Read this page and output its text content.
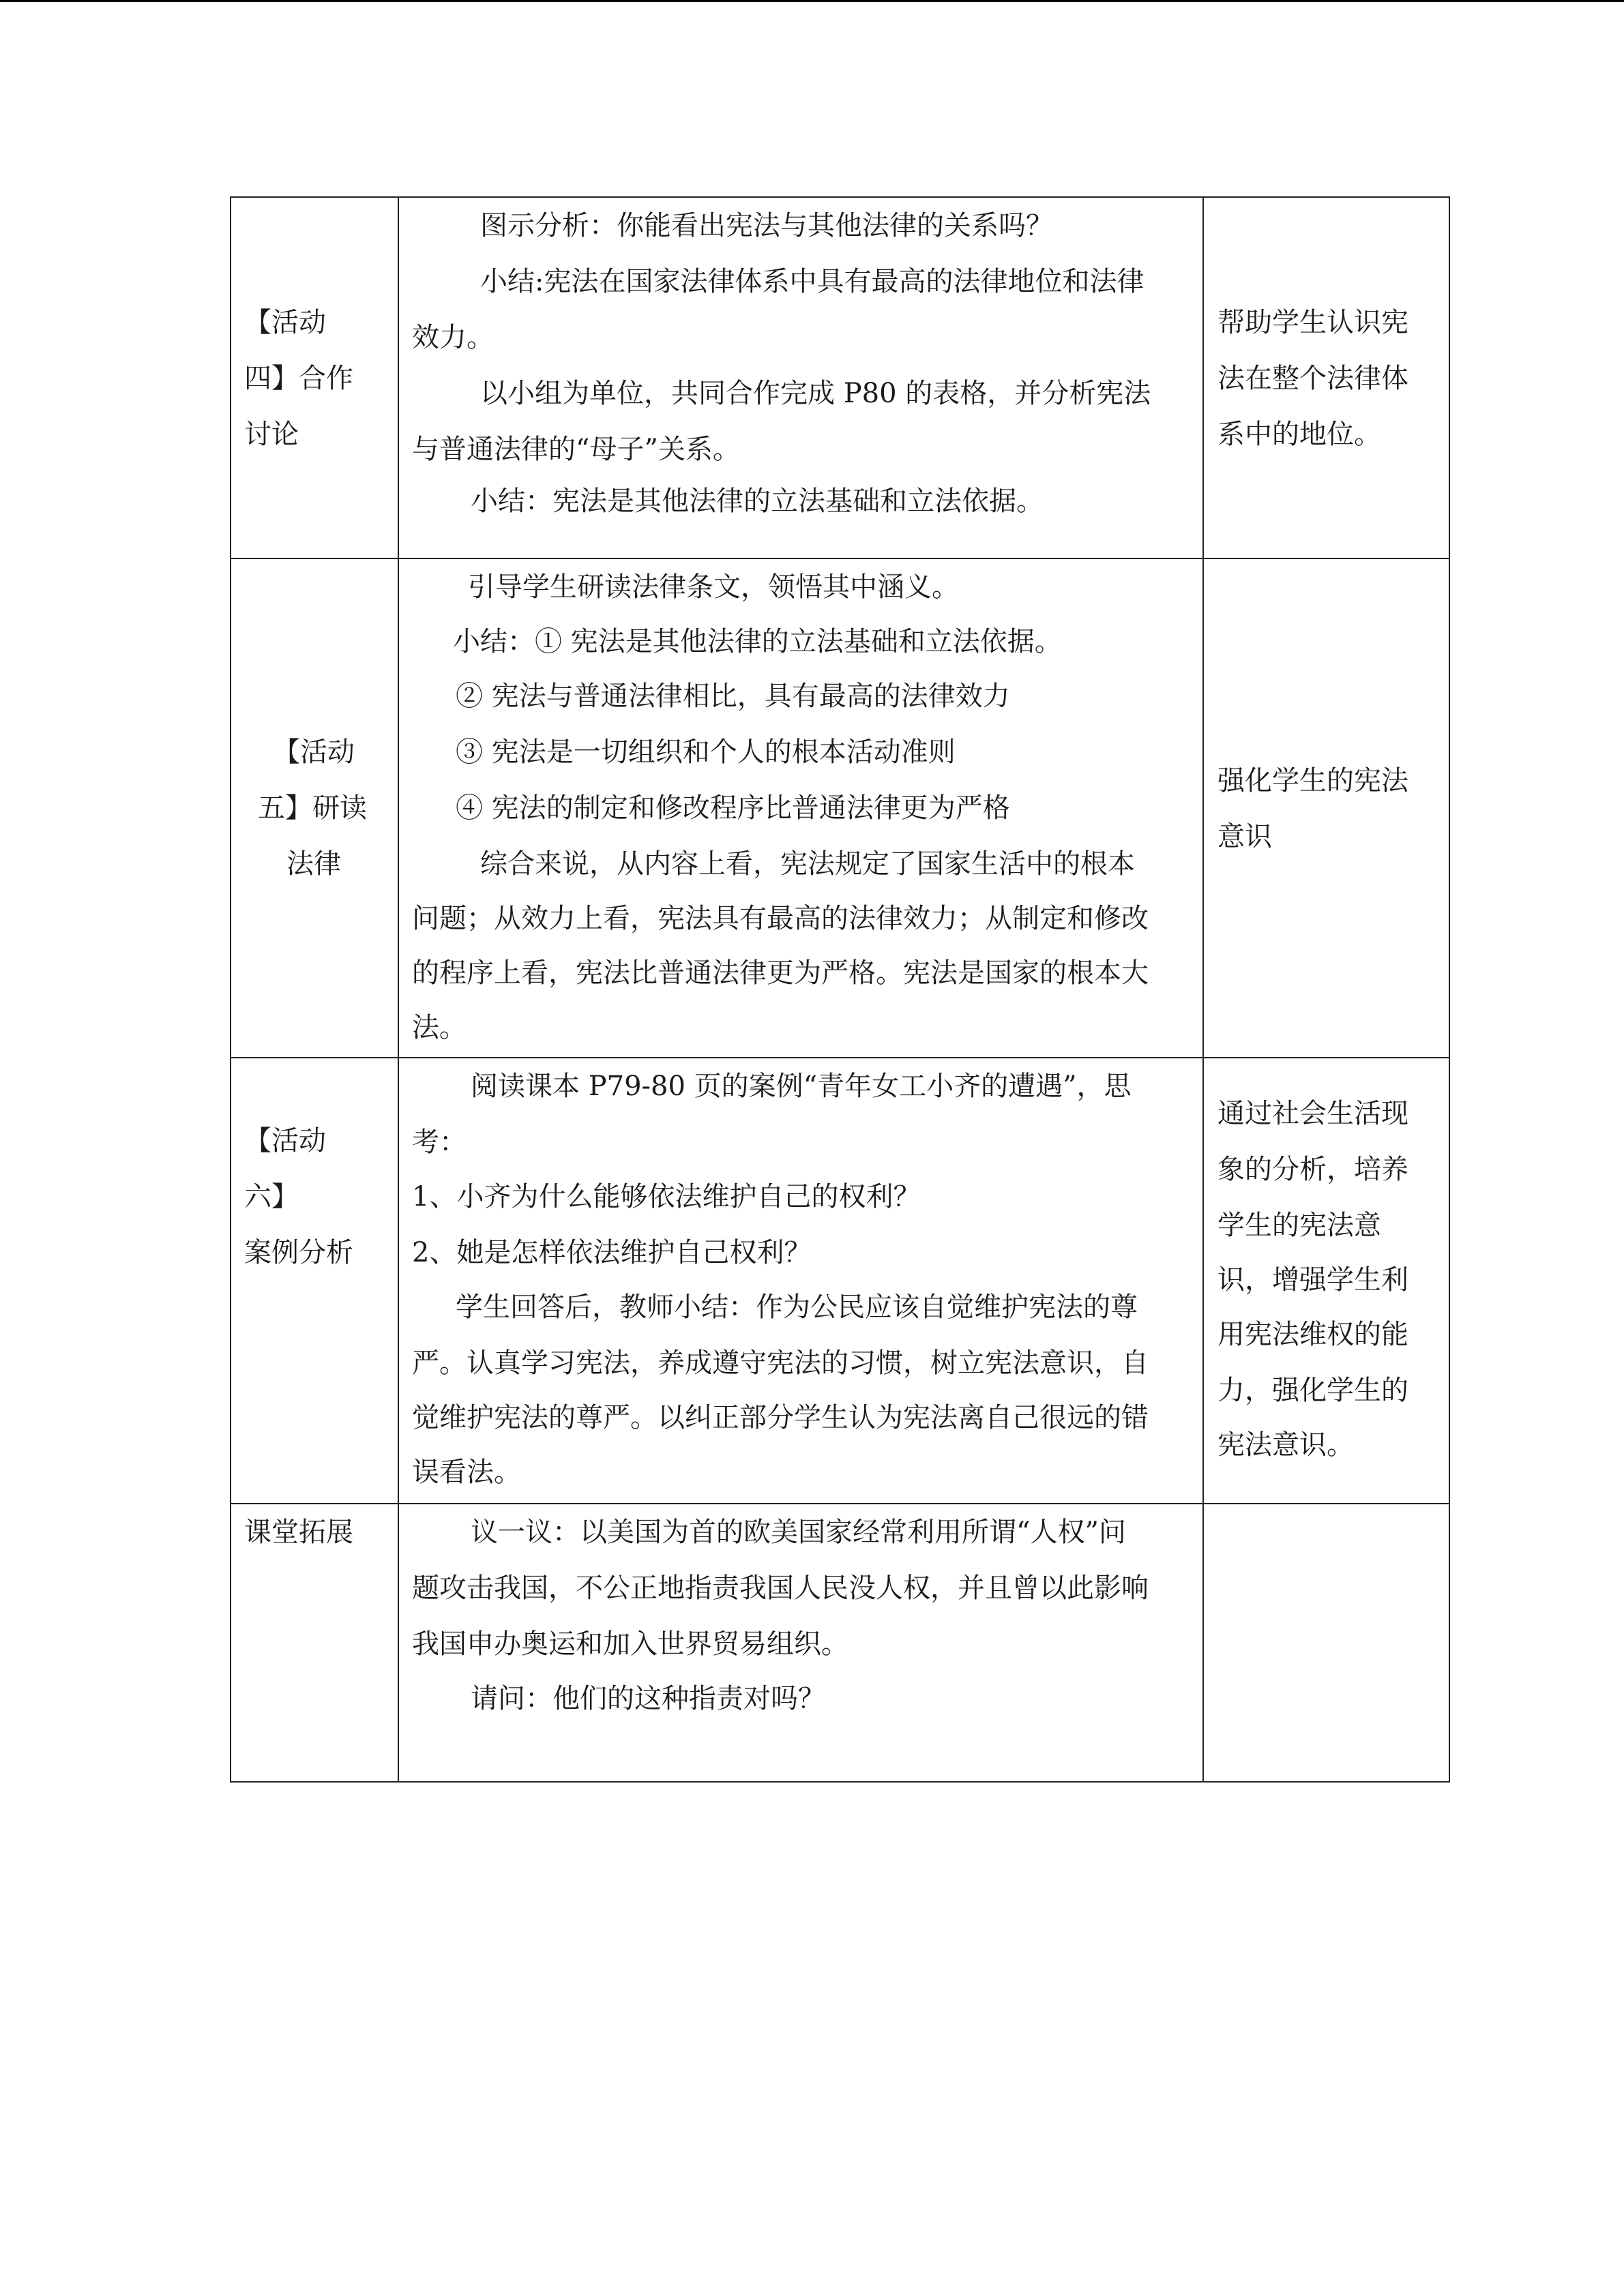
【活动

四】合作

讨论

图示分析：你能看出宪法与其他法律的关系吗？

小结:宪法在国家法律体系中具有最高的法律地位和法律

效力。

以小组为单位，共同合作完成 P80 的表格，并分析宪法

与普通法律的“母子”关系。

小结：宪法是其他法律的立法基础和立法依据。

帮助学生认识宪

法在整个法律体

系中的地位。

【活动

五】研读

法律

引导学生研读法律条文，领悟其中涵义。

小结：① 宪法是其他法律的立法基础和立法依据。

② 宪法与普通法律相比，具有最高的法律效力

③ 宪法是一切组织和个人的根本活动准则

④ 宪法的制定和修改程序比普通法律更为严格

综合来说，从内容上看，宪法规定了国家生活中的根本

问题；从效力上看，宪法具有最高的法律效力；从制定和修改

的程序上看，宪法比普通法律更为严格。宪法是国家的根本大

法。

强化学生的宪法

意识

【活动

六】

案例分析

阅读课本 P79-80 页的案例“青年女工小齐的遭遇”，思

考：

1、小齐为什么能够依法维护自己的权利？

2、她是怎样依法维护自己权利？

学生回答后，教师小结：作为公民应该自觉维护宪法的尊

严。认真学习宪法，养成遵守宪法的习惯，树立宪法意识，自

觉维护宪法的尊严。以纠正部分学生认为宪法离自己很远的错

误看法。

通过社会生活现

象的分析，培养

学生的宪法意

识，增强学生利

用宪法维权的能

力，强化学生的

宪法意识。

课堂拓展	议一议：以美国为首的欧美国家经常利用所谓“人权”问

题攻击我国，不公正地指责我国人民没人权，并且曾以此影响

我国申办奥运和加入世界贸易组织。

请问：他们的这种指责对吗？
